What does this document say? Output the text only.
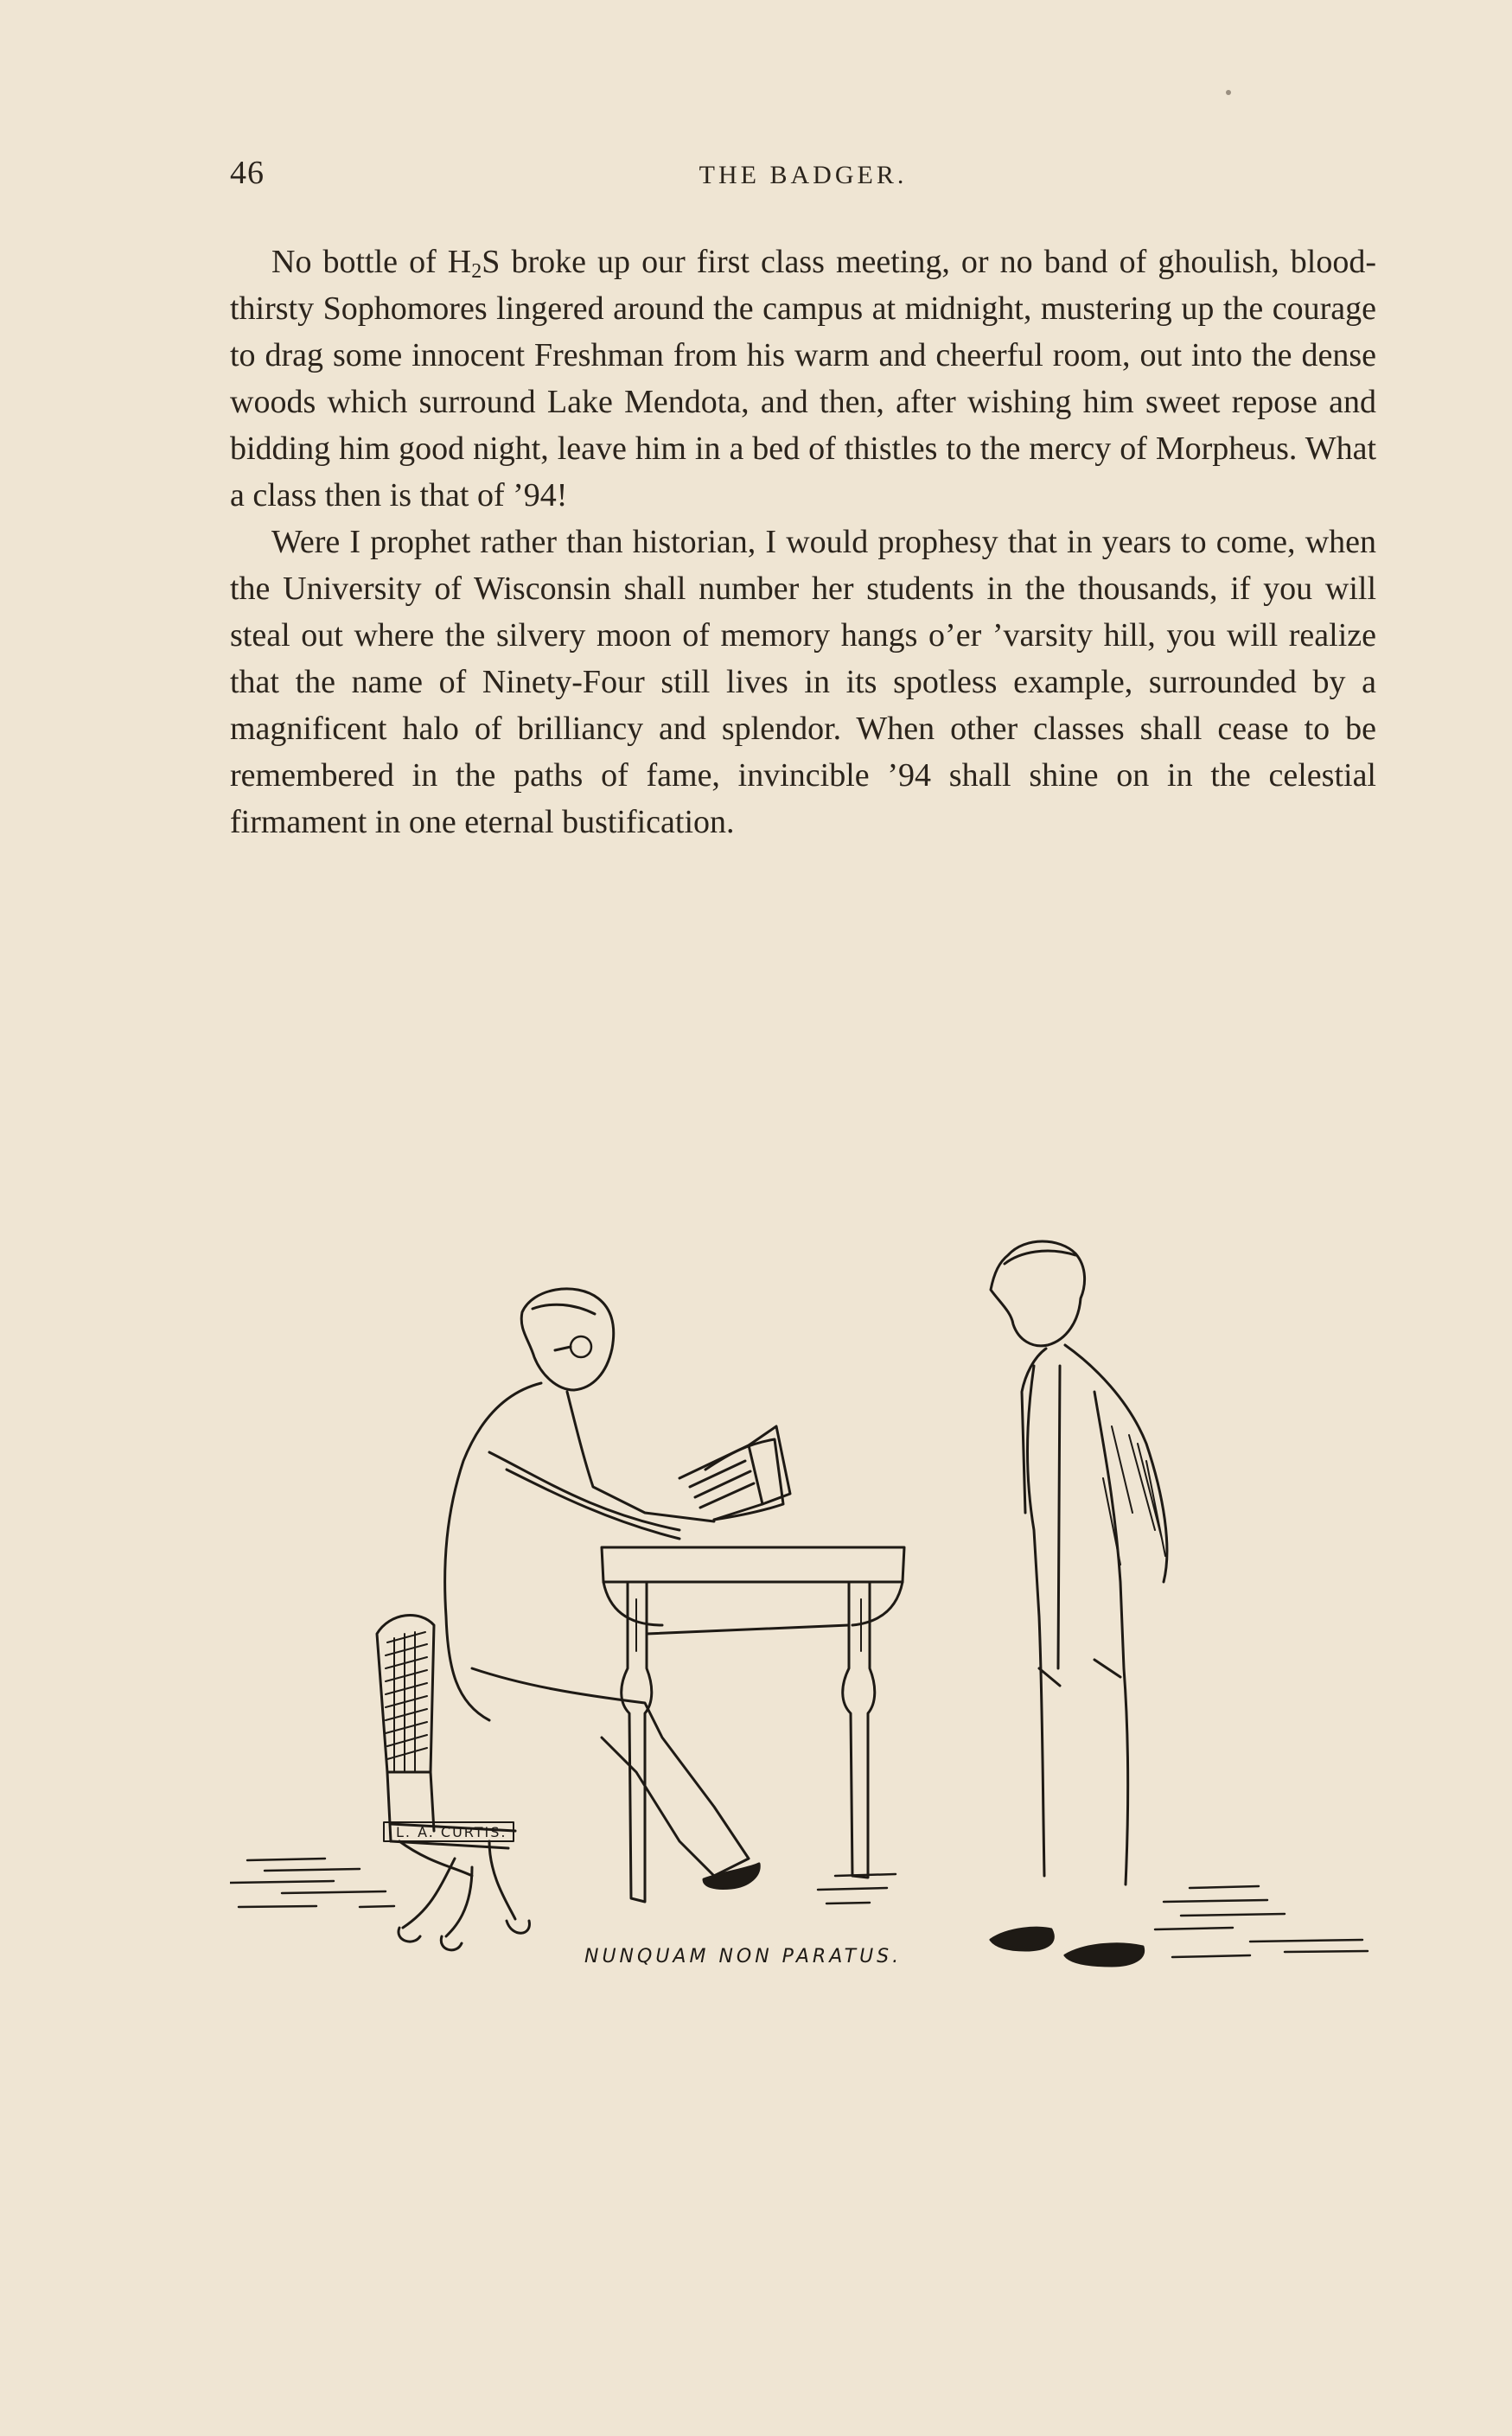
46	THE BADGER.

No bottle of $H_2S$ broke up our first class meeting, or no band of ghoulish, blood-thirsty Sophomores lingered around the campus at midnight, mustering up the courage to drag some innocent Freshman from his warm and cheerful room, out into the dense woods which surround Lake Mendota, and then, after wishing him sweet repose and bidding him good night, leave him in a bed of thistles to the mercy of Morpheus. What a class then is that of ’94!

Were I prophet rather than historian, I would prophesy that in years to come, when the University of Wisconsin shall number her students in the thousands, if you will steal out where the silvery moon of memory hangs o’er ’varsity hill, you will realize that the name of Ninety-Four still lives in its spotless example, surrounded by a magnificent halo of brilliancy and splendor. When other classes shall cease to be remembered in the paths of fame, invincible ’94 shall shine on in the celestial firmament in one eternal bustification.

L. A. CURTIS.
NUNQUAM NON PARATUS.
